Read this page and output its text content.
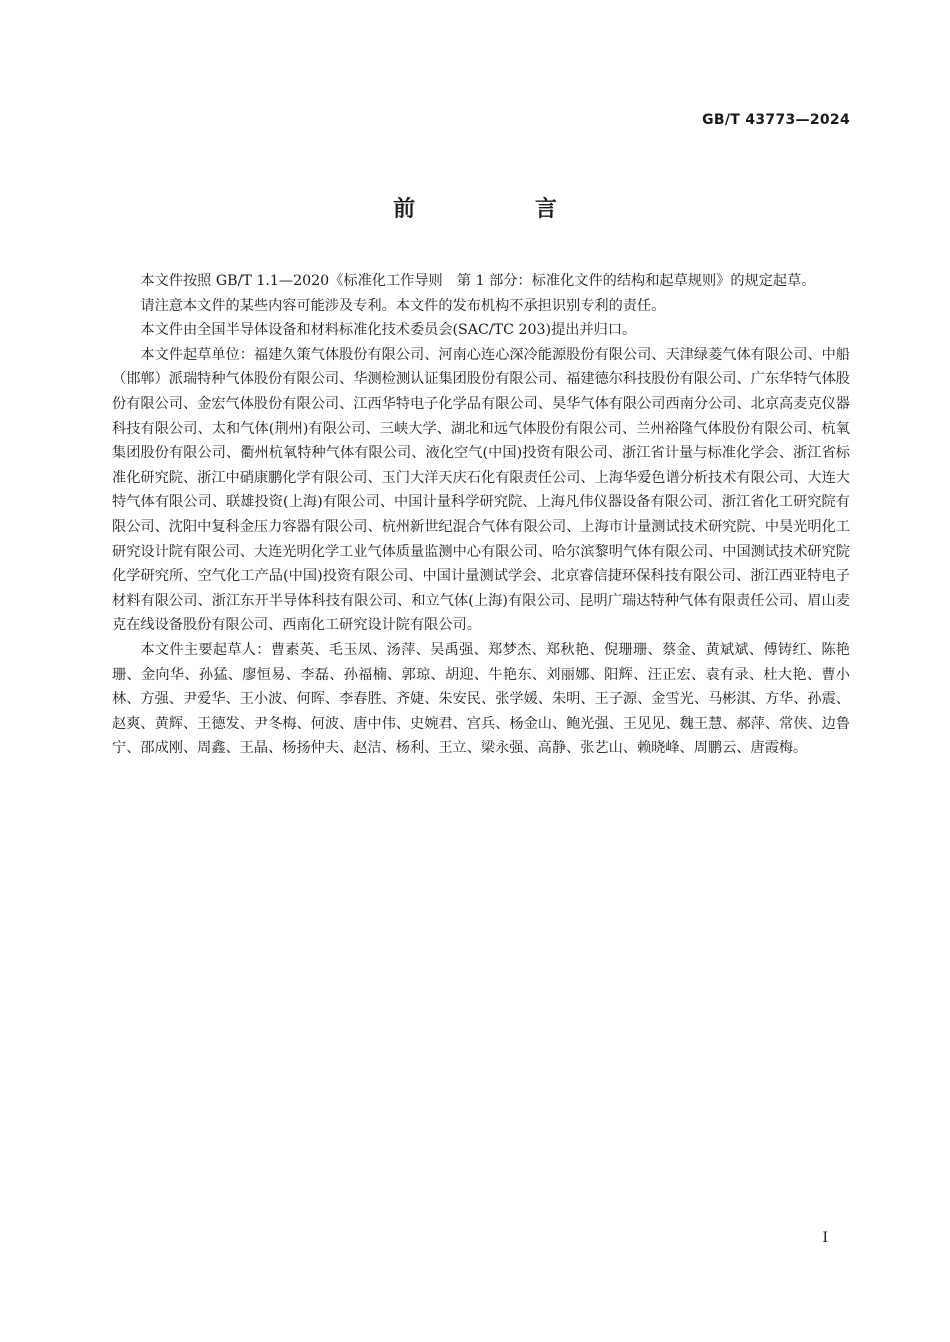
GB/T 43773—2024
前 言

本文件按照 GB/T 1.1—2020《标准化工作导则　第 1 部分：标准化文件的结构和起草规则》的规定起草。

请注意本文件的某些内容可能涉及专利。本文件的发布机构不承担识别专利的责任。

本文件由全国半导体设备和材料标准化技术委员会(SAC/TC 203)提出并归口。

本文件起草单位：福建久策气体股份有限公司、河南心连心深冷能源股份有限公司、天津绿菱气体有限公司、中船（邯郸）派瑞特种气体股份有限公司、华测检测认证集团股份有限公司、福建德尔科技股份有限公司、广东华特气体股份有限公司、金宏气体股份有限公司、江西华特电子化学品有限公司、昊华气体有限公司西南分公司、北京高麦克仪器科技有限公司、太和气体(荆州)有限公司、三峡大学、湖北和远气体股份有限公司、兰州裕隆气体股份有限公司、杭氧集团股份有限公司、衢州杭氧特种气体有限公司、液化空气(中国)投资有限公司、浙江省计量与标准化学会、浙江省标准化研究院、浙江中硝康鹏化学有限公司、玉门大洋天庆石化有限责任公司、上海华爱色谱分析技术有限公司、大连大特气体有限公司、联雄投资(上海)有限公司、中国计量科学研究院、上海凡伟仪器设备有限公司、浙江省化工研究院有限公司、沈阳中复科金压力容器有限公司、杭州新世纪混合气体有限公司、上海市计量测试技术研究院、中昊光明化工研究设计院有限公司、大连光明化学工业气体质量监测中心有限公司、哈尔滨黎明气体有限公司、中国测试技术研究院化学研究所、空气化工产品(中国)投资有限公司、中国计量测试学会、北京睿信捷环保科技有限公司、浙江西亚特电子材料有限公司、浙江东开半导体科技有限公司、和立气体(上海)有限公司、昆明广瑞达特种气体有限责任公司、眉山麦克在线设备股份有限公司、西南化工研究设计院有限公司。

本文件主要起草人：曹素英、毛玉凤、汤萍、吴禹强、郑梦杰、郑秋艳、倪珊珊、蔡金、黄斌斌、傅铸红、陈艳珊、金向华、孙猛、廖恒易、李磊、孙福楠、郭琼、胡迎、牛艳东、刘丽娜、阳辉、汪正宏、袁有录、杜大艳、曹小林、方强、尹爱华、王小波、何晖、李春胜、齐婕、朱安民、张学媛、朱明、王子源、金雪光、马彬淇、方华、孙震、赵爽、黄辉、王德发、尹冬梅、何波、唐中伟、史婉君、宫兵、杨金山、鲍光强、王见见、魏王慧、郝萍、常侠、边鲁宁、邵成刚、周鑫、王晶、杨扬仲夫、赵洁、杨利、王立、梁永强、高静、张艺山、赖晓峰、周鹏云、唐霞梅。

I
